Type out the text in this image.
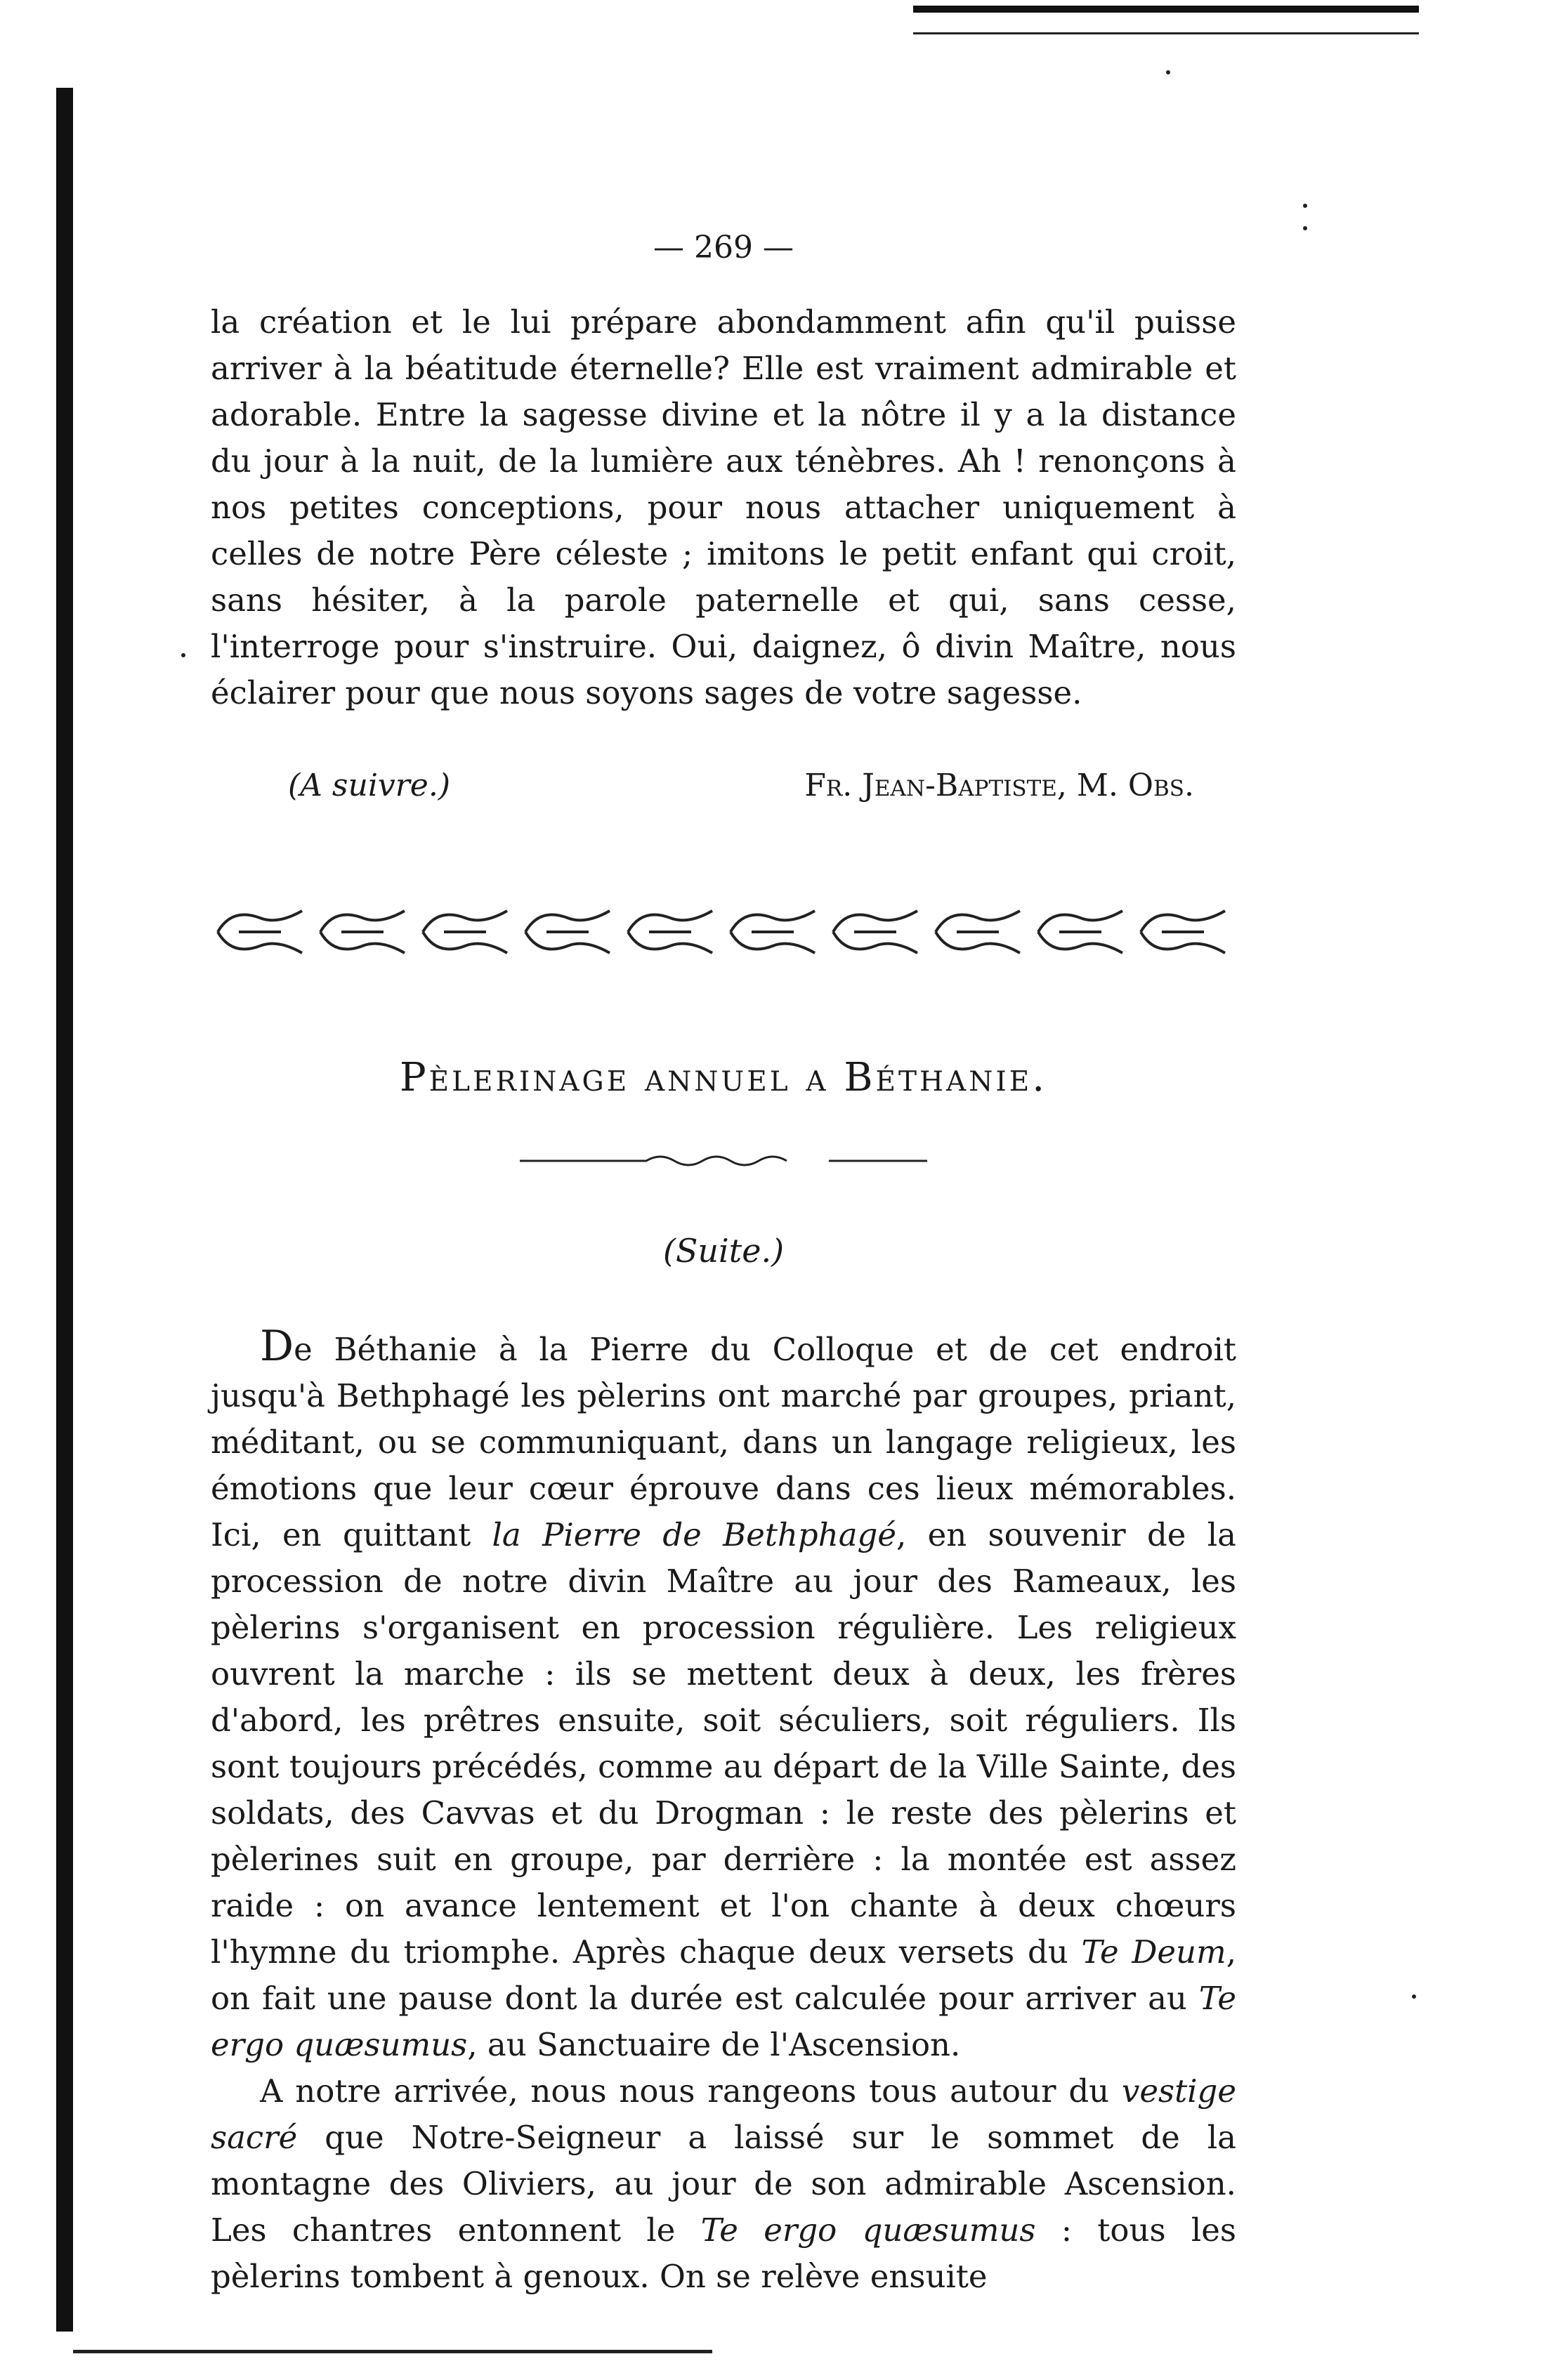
— 269 —

la création et le lui prépare abondamment afin qu'il puisse arriver à la béatitude éternelle? Elle est vraiment admirable et adorable. Entre la sagesse divine et la nôtre il y a la distance du jour à la nuit, de la lumière aux ténèbres. Ah ! renonçons à nos petites conceptions, pour nous attacher uniquement à celles de notre Père céleste ; imitons le petit enfant qui croit, sans hésiter, à la parole paternelle et qui, sans cesse, l'interroge pour s'instruire. Oui, daignez, ô divin Maître, nous éclairer pour que nous soyons sages de votre sagesse.

(A suivre.)	Fr. Jean-Baptiste, M. Obs.
Pèlerinage annuel a Béthanie.
(Suite.)

De Béthanie à la Pierre du Colloque et de cet endroit jusqu'à Bethphagé les pèlerins ont marché par groupes, priant, méditant, ou se communiquant, dans un langage religieux, les émotions que leur cœur éprouve dans ces lieux mémorables. Ici, en quittant la Pierre de Bethphagé, en souvenir de la procession de notre divin Maître au jour des Rameaux, les pèlerins s'organisent en procession régulière. Les religieux ouvrent la marche : ils se mettent deux à deux, les frères d'abord, les prêtres ensuite, soit séculiers, soit réguliers. Ils sont toujours précédés, comme au départ de la Ville Sainte, des soldats, des Cavvas et du Drogman : le reste des pèlerins et pèlerines suit en groupe, par derrière : la montée est assez raide : on avance lentement et l'on chante à deux chœurs l'hymne du triomphe. Après chaque deux versets du Te Deum, on fait une pause dont la durée est calculée pour arriver au Te ergo quæsumus, au Sanctuaire de l'Ascension.

A notre arrivée, nous nous rangeons tous autour du vestige sacré que Notre-Seigneur a laissé sur le sommet de la montagne des Oliviers, au jour de son admirable Ascension. Les chantres entonnent le Te ergo quæsumus : tous les pèlerins tombent à genoux. On se relève ensuite
